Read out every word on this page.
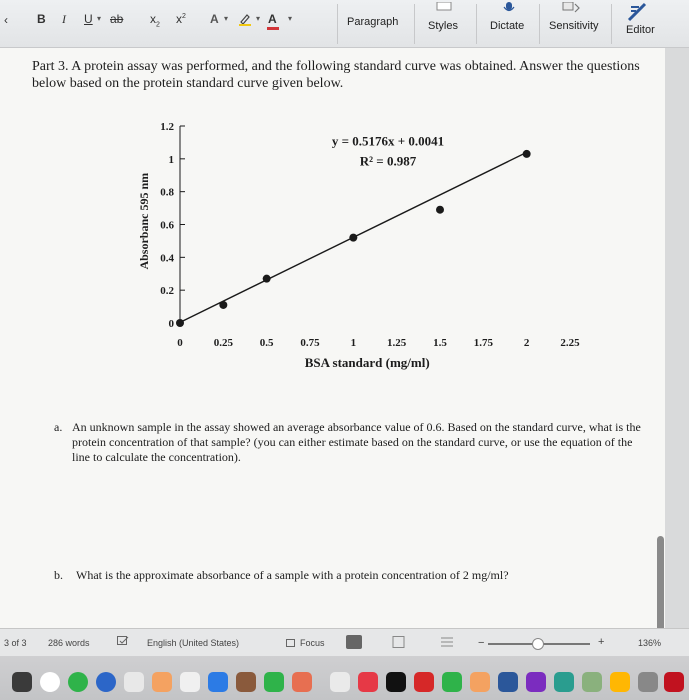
‹ B I U ▾ ab $x_2$ $x^2$ A ▾	▾ A ▾	Paragraph	Styles	Dictate Sensitivity Editor
Part 3. A protein assay was performed, and the following standard curve was obtained. Answer the questions below based on the protein standard curve given below.
0
0.2
0.4
0.6
0.8
1
1.2
0	0.25 0.5 0.75	1	1.25 1.5 1.75	2	2.25
BSA standard (mg/ml)
Absorbanc 595 nm
y = 0.5176x + 0.0041
R² = 0.987
a. An unknown sample in the assay showed an average absorbance value of 0.6. Based on the standard curve, what is the protein concentration of that sample? (you can either estimate based on the standard curve, or use the equation of the line to calculate the concentration).
b. What is the approximate absorbance of a sample with a protein concentration of 2 mg/ml?
3 of 3 286 words	English (United States)	Focus	−	+	136%
